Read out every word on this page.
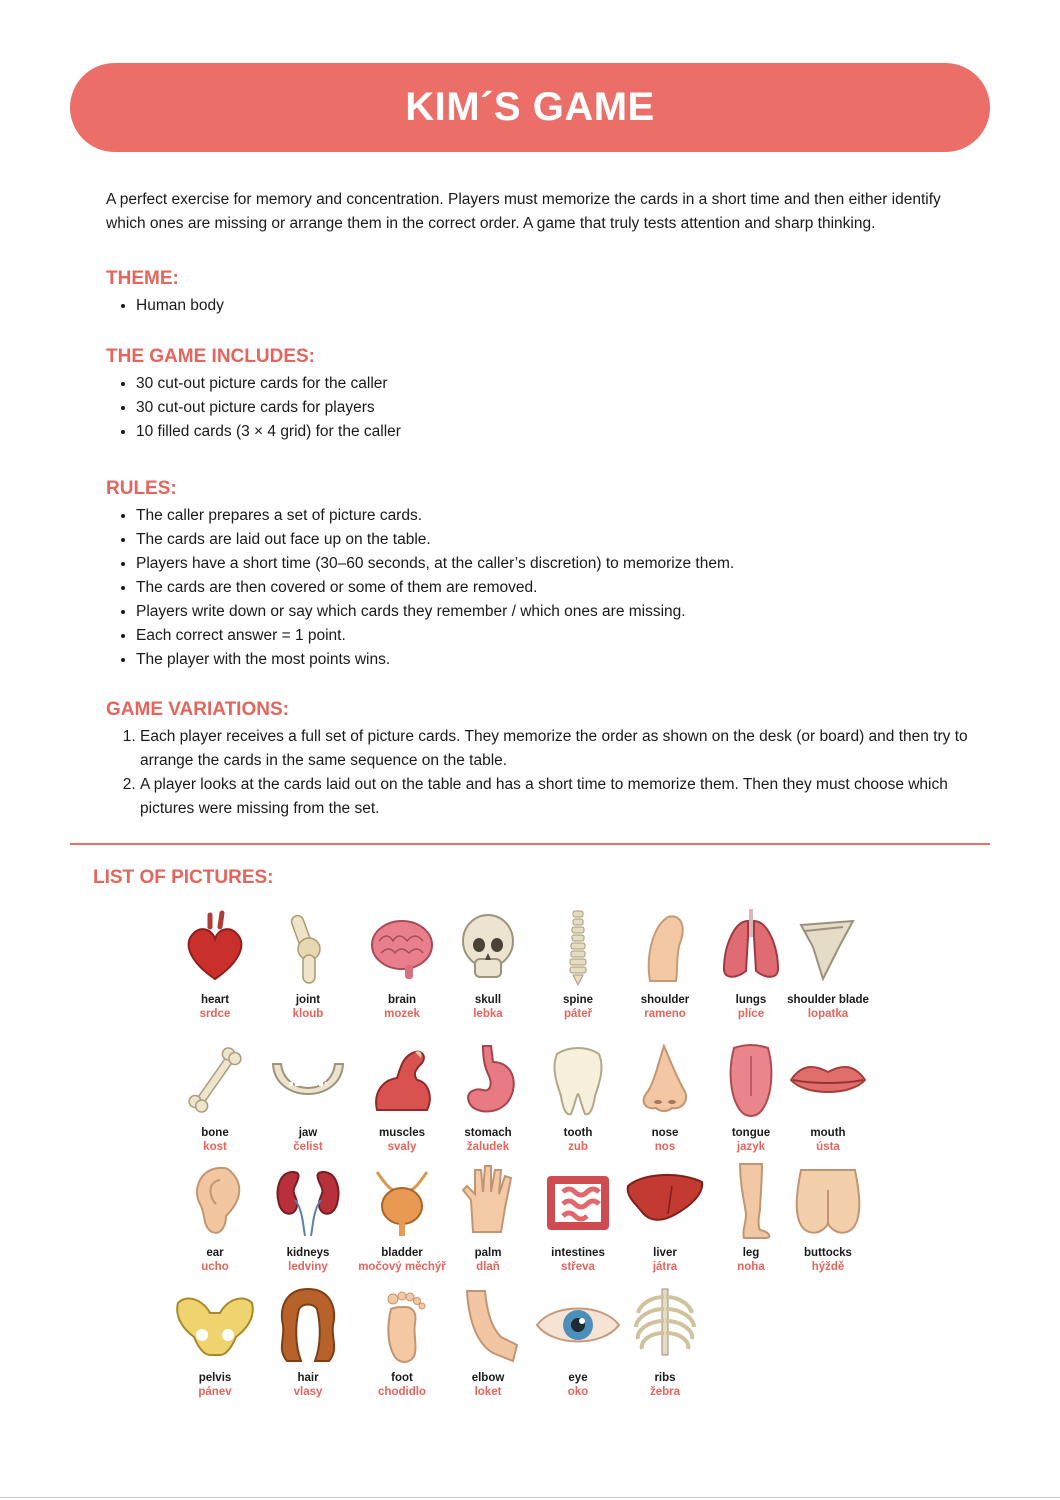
KIM´S GAME

A perfect exercise for memory and concentration. Players must memorize the cards in a short time and then either identify which ones are missing or arrange them in the correct order. A game that truly tests attention and sharp thinking.

THEME:
• Human body
THE GAME INCLUDES:
• 30 cut-out picture cards for the caller
• 30 cut-out picture cards for players
• 10 filled cards (3 × 4 grid) for the caller
RULES:
• The caller prepares a set of picture cards.
• The cards are laid out face up on the table.
• Players have a short time (30–60 seconds, at the caller’s discretion) to memorize them.
• The cards are then covered or some of them are removed.
• Players write down or say which cards they remember / which ones are missing.
• Each correct answer = 1 point.
• The player with the most points wins.
GAME VARIATIONS:
1. Each player receives a full set of picture cards. They memorize the order as shown on the desk (or board) and then try to arrange the cards in the same sequence on the table.
2. A player looks at the cards laid out on the table and has a short time to memorize them. Then they must choose which pictures were missing from the set.
LIST OF PICTURES:
heart
srdce
joint
kloub
brain
mozek
skull
lebka
spine
páteř
shoulder
rameno
lungs
plíce
shoulder blade
lopatka
bone
kost
jaw
čelist
muscles
svaly
stomach
žaludek
tooth
zub
nose
nos
tongue
jazyk
mouth
ústa
ear
ucho
kidneys
ledviny
bladder
močový měchýř
palm
dlaň
intestines
střeva
liver
játra
leg
noha
buttocks
hýždě
pelvis
pánev
hair
vlasy
foot
chodidlo
elbow
loket
eye
oko
ribs
žebra
